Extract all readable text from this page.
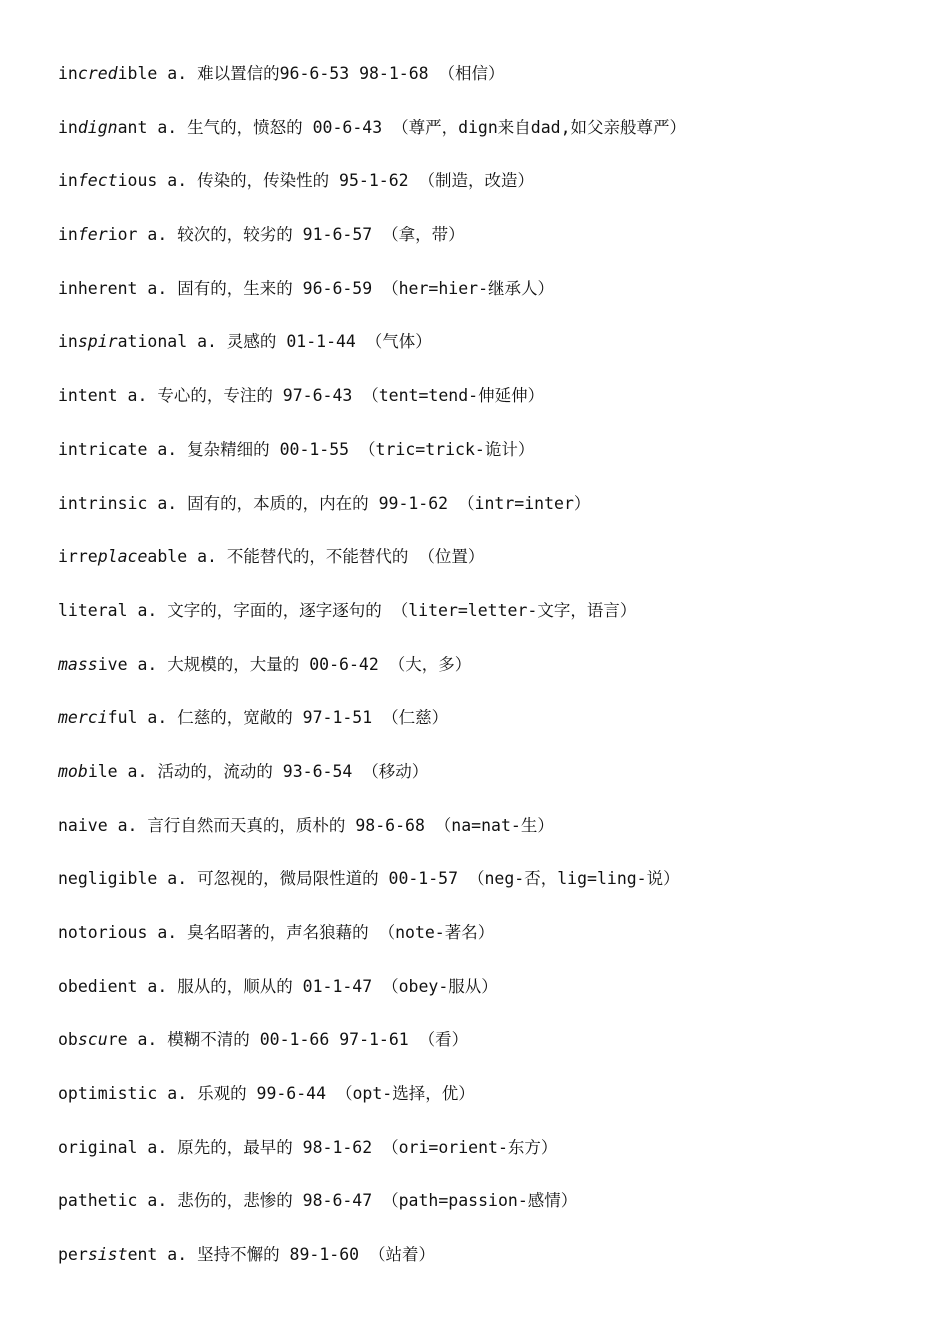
incredible a. 难以置信的96-6-53 98-1-68 （相信）
indignant a. 生气的，愤怒的 00-6-43 （尊严，dign来自dad,如父亲般尊严）
infectious a. 传染的，传染性的 95-1-62 （制造，改造）
inferior a. 较次的，较劣的 91-6-57 （拿，带）
inherent a. 固有的，生来的 96-6-59 （her=hier-继承人）
inspirational a. 灵感的 01-1-44 （气体）
intent a. 专心的，专注的 97-6-43 （tent=tend-伸延伸）
intricate a. 复杂精细的 00-1-55 （tric=trick-诡计）
intrinsic a. 固有的，本质的，内在的 99-1-62 （intr=inter）
irreplaceable a. 不能替代的，不能替代的 （位置）
literal a. 文字的，字面的，逐字逐句的 （liter=letter-文字，语言）
massive a. 大规模的，大量的 00-6-42 （大，多）
merciful a. 仁慈的，宽敞的 97-1-51 （仁慈）
mobile a. 活动的，流动的 93-6-54 （移动）
naive a. 言行自然而天真的，质朴的 98-6-68 （na=nat-生）
negligible a. 可忽视的，微局限性道的 00-1-57 （neg-否，lig=ling-说）
notorious a. 臭名昭著的，声名狼藉的 （note-著名）
obedient a. 服从的，顺从的 01-1-47 （obey-服从）
obscure a. 模糊不清的 00-1-66 97-1-61 （看）
optimistic a. 乐观的 99-6-44 （opt-选择，优）
original a. 原先的，最早的 98-1-62 （ori=orient-东方）
pathetic a. 悲伤的，悲惨的 98-6-47 （path=passion-感情）
persistent a. 坚持不懈的 89-1-60 （站着）
